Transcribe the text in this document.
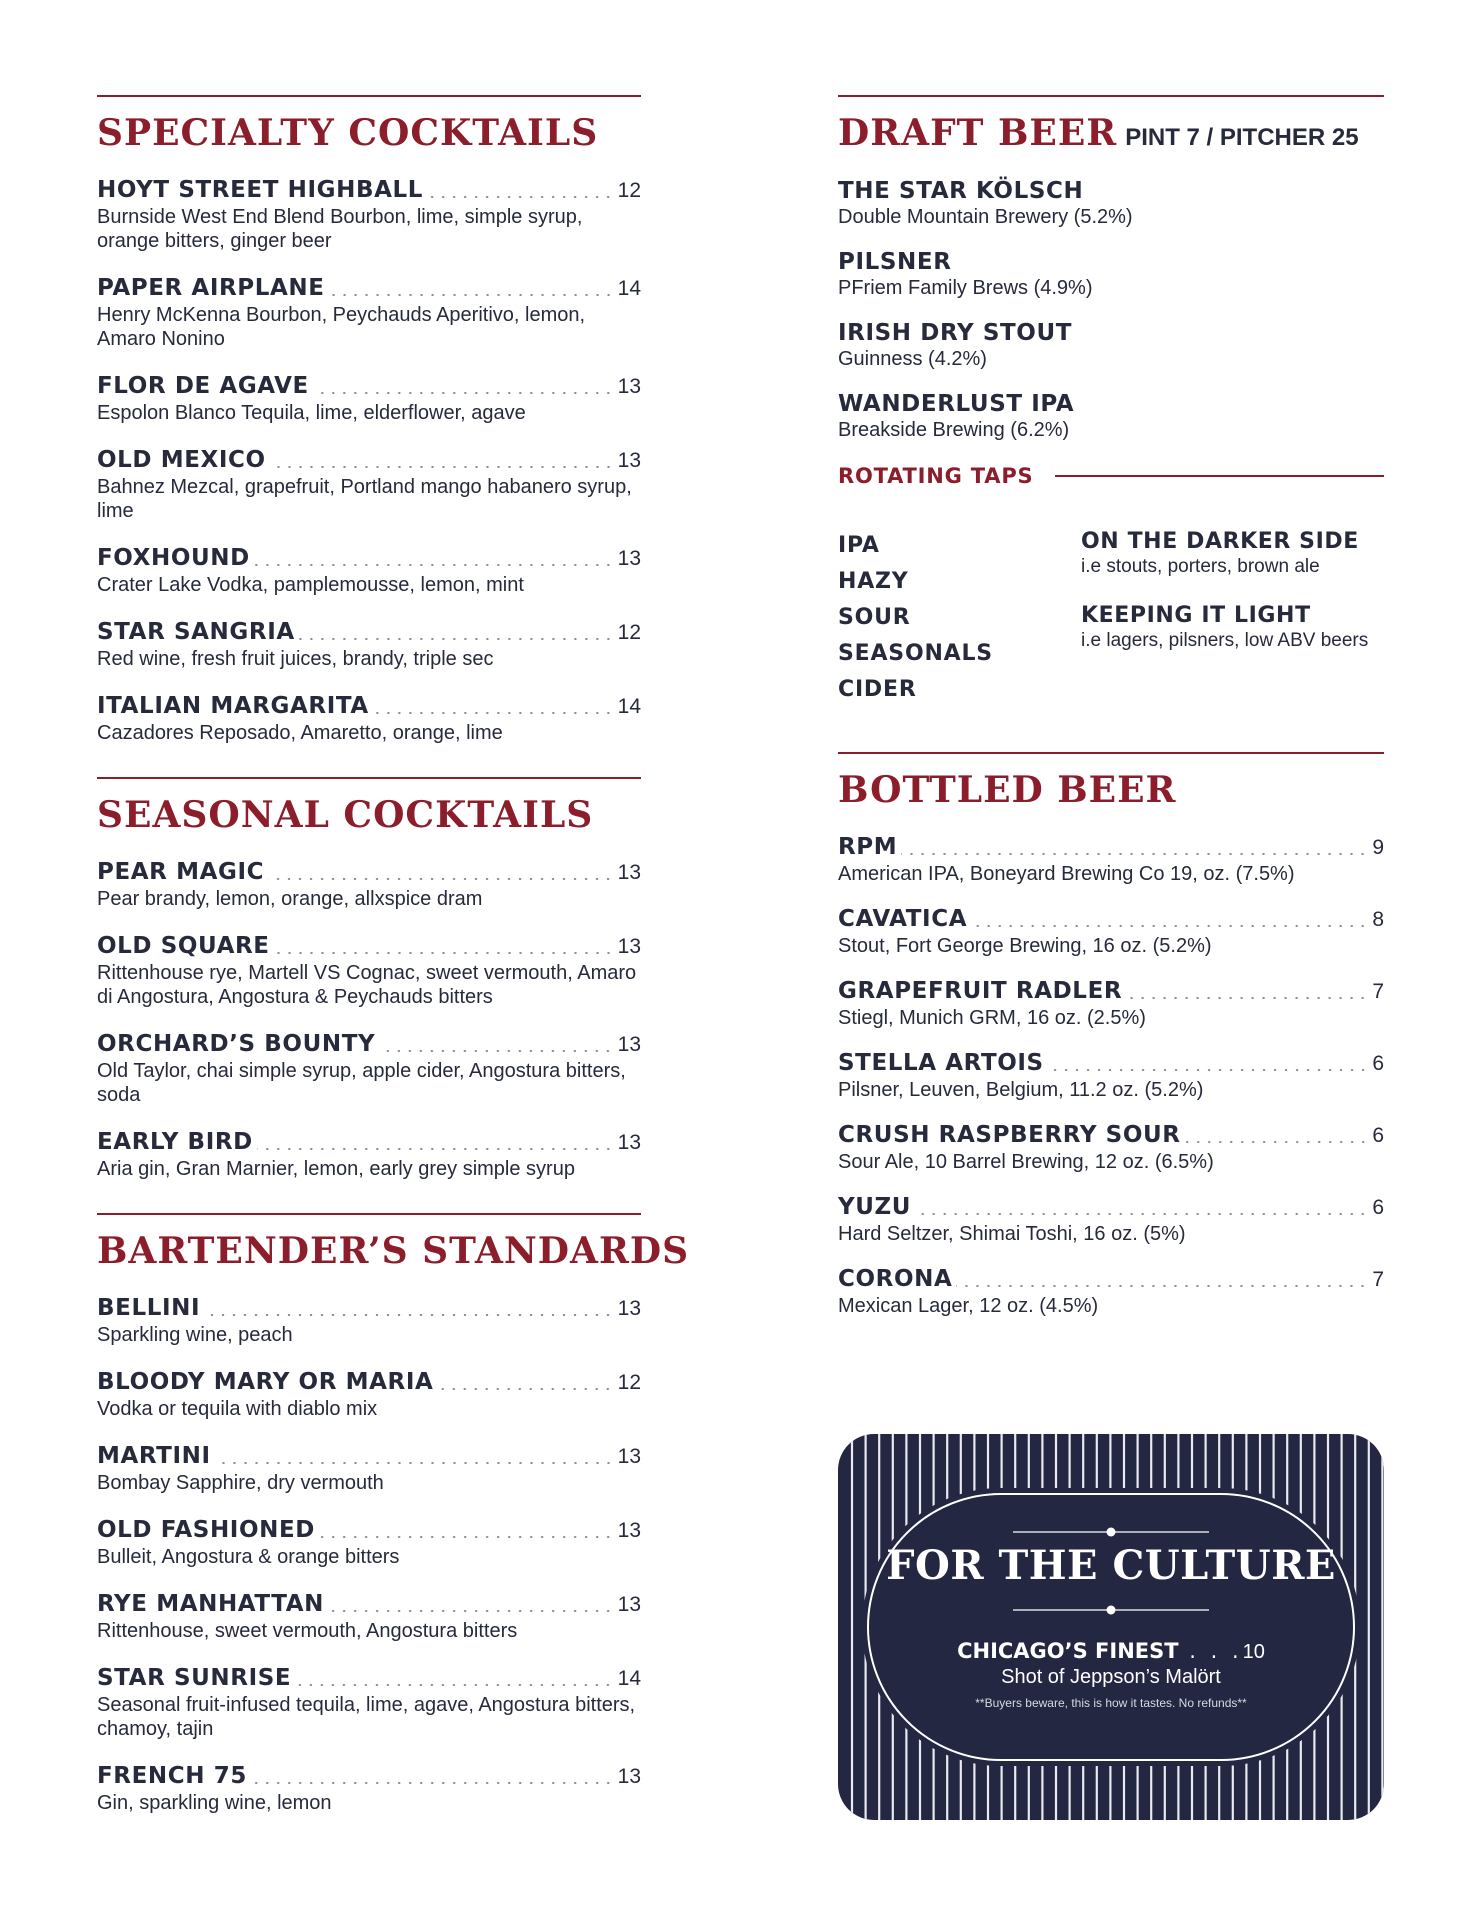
SPECIALTY COCKTAILS
HOYT STREET HIGHBALL	12
Burnside West End Blend Bourbon, lime, simple syrup, orange bitters, ginger beer
PAPER AIRPLANE	14
Henry McKenna Bourbon, Peychauds Aperitivo, lemon, Amaro Nonino
FLOR DE AGAVE	13
Espolon Blanco Tequila, lime, elderflower, agave
OLD MEXICO	13
Bahnez Mezcal, grapefruit, Portland mango habanero syrup, lime
FOXHOUND	13
Crater Lake Vodka, pamplemousse, lemon, mint
STAR SANGRIA	12
Red wine, fresh fruit juices, brandy, triple sec
ITALIAN MARGARITA	14
Cazadores Reposado, Amaretto, orange, lime
SEASONAL COCKTAILS
PEAR MAGIC	13
Pear brandy, lemon, orange, allxspice dram
OLD SQUARE	13
Rittenhouse rye, Martell VS Cognac, sweet vermouth, Amaro di Angostura, Angostura & Peychauds bitters
ORCHARD’S BOUNTY	13
Old Taylor, chai simple syrup, apple cider, Angostura bitters, soda
EARLY BIRD	13
Aria gin, Gran Marnier, lemon, early grey simple syrup
BARTENDER’S STANDARDS
BELLINI	13
Sparkling wine, peach
BLOODY MARY OR MARIA	12
Vodka or tequila with diablo mix
MARTINI	13
Bombay Sapphire, dry vermouth
OLD FASHIONED	13
Bulleit, Angostura & orange bitters
RYE MANHATTAN	13
Rittenhouse, sweet vermouth, Angostura bitters
STAR SUNRISE	14
Seasonal fruit-infused tequila, lime, agave, Angostura bitters, chamoy, tajin
FRENCH 75	13
Gin, sparkling wine, lemon
DRAFT BEER PINT 7 / PITCHER 25
THE STAR KÖLSCH
Double Mountain Brewery (5.2%)
PILSNER
PFriem Family Brews (4.9%)
IRISH DRY STOUT
Guinness (4.2%)
WANDERLUST IPA
Breakside Brewing (6.2%)
ROTATING TAPS
IPA
HAZY
SOUR
SEASONALS
CIDER
ON THE DARKER SIDE
i.e stouts, porters, brown ale
KEEPING IT LIGHT
i.e lagers, pilsners, low ABV beers
BOTTLED BEER
RPM	9
American IPA, Boneyard Brewing Co 19, oz. (7.5%)
CAVATICA	8
Stout, Fort George Brewing, 16 oz. (5.2%)
GRAPEFRUIT RADLER	7
Stiegl, Munich GRM, 16 oz. (2.5%)
STELLA ARTOIS	6
Pilsner, Leuven, Belgium, 11.2 oz. (5.2%)
CRUSH RASPBERRY SOUR	6
Sour Ale, 10 Barrel Brewing, 12 oz. (6.5%)
YUZU	6
Hard Seltzer, Shimai Toshi, 16 oz. (5%)
CORONA	7
Mexican Lager, 12 oz. (4.5%)
FOR THE CULTURE
CHICAGO’S FINEST . . .10
Shot of Jeppson’s Malört
**Buyers beware, this is how it tastes. No refunds**
